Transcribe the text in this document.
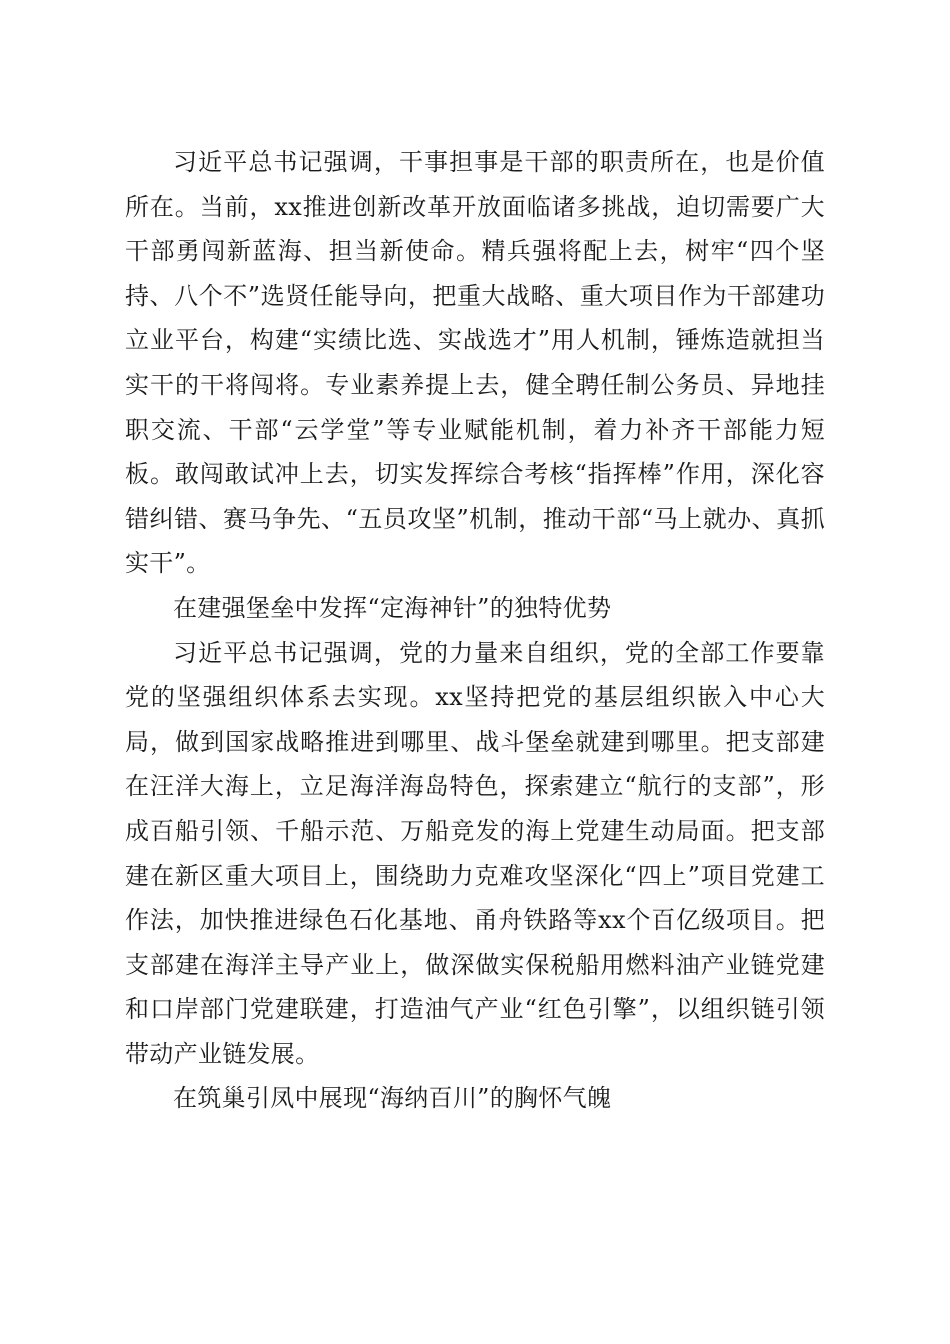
习近平总书记强调，干事担事是干部的职责所在，也是价值所在。当前，xx推进创新改革开放面临诸多挑战，迫切需要广大干部勇闯新蓝海、担当新使命。精兵强将配上去，树牢“四个坚持、八个不”选贤任能导向，把重大战略、重大项目作为干部建功立业平台，构建“实绩比选、实战选才”用人机制，锤炼造就担当实干的干将闯将。专业素养提上去，健全聘任制公务员、异地挂职交流、干部“云学堂”等专业赋能机制，着力补齐干部能力短板。敢闯敢试冲上去，切实发挥综合考核“指挥棒”作用，深化容错纠错、赛马争先、“五员攻坚”机制，推动干部“马上就办、真抓实干”。

在建强堡垒中发挥“定海神针”的独特优势

习近平总书记强调，党的力量来自组织，党的全部工作要靠党的坚强组织体系去实现。xx坚持把党的基层组织嵌入中心大局，做到国家战略推进到哪里、战斗堡垒就建到哪里。把支部建在汪洋大海上，立足海洋海岛特色，探索建立“航行的支部”，形成百船引领、千船示范、万船竞发的海上党建生动局面。把支部建在新区重大项目上，围绕助力克难攻坚深化“四上”项目党建工作法，加快推进绿色石化基地、甬舟铁路等xx个百亿级项目。把支部建在海洋主导产业上，做深做实保税船用燃料油产业链党建和口岸部门党建联建，打造油气产业“红色引擎”，以组织链引领带动产业链发展。

在筑巢引凤中展现“海纳百川”的胸怀气魄
